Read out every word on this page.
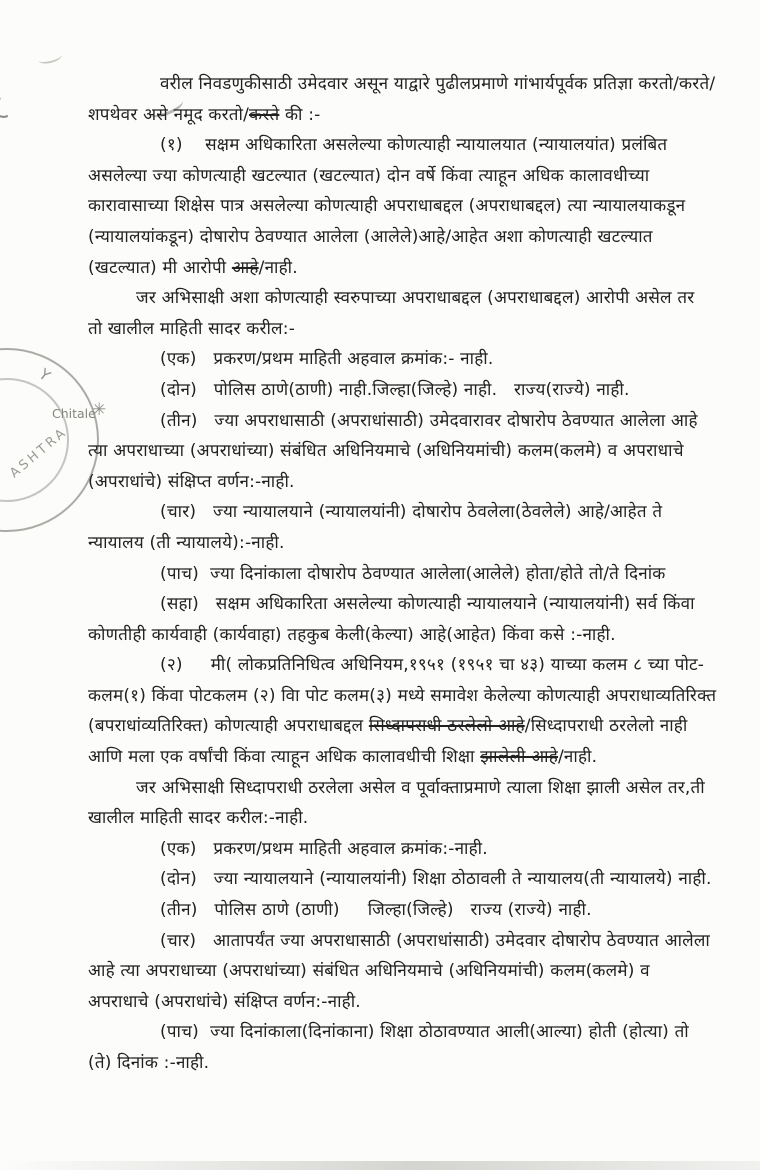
Y
Chitale
✳
ASHTRA
वरील निवडणुकीसाठी उमेदवार असून याद्वारे पुढीलप्रमाणे गांभार्यपूर्वक प्रतिज्ञा करतो/करते/
शपथेवर असे नमूद करतो/करते की :-
(१)    सक्षम अधिकारिता असलेल्या कोणत्याही न्यायालयात (न्यायालयांत) प्रलंबित
असलेल्या ज्या कोणत्याही खटल्यात (खटल्यात) दोन वर्षे किंवा त्याहून अधिक कालावधीच्या
कारावासाच्या शिक्षेस पात्र असलेल्या कोणत्याही अपराधाबद्दल (अपराधाबद्दल) त्या न्यायालयाकडून
(न्यायालयांकडून) दोषारोप ठेवण्यात आलेला (आलेले)आहे/आहेत अशा कोणत्याही खटल्यात
(खटल्यात) मी आरोपी आहे/नाही.
जर अभिसाक्षी अशा कोणत्याही स्वरुपाच्या अपराधाबद्दल (अपराधाबद्दल) आरोपी असेल तर
तो खालील माहिती सादर करील:-
(एक)   प्रकरण/प्रथम माहिती अहवाल क्रमांक:- नाही.
(दोन)   पोलिस ठाणे(ठाणी) नाही.जिल्हा(जिल्हे) नाही.   राज्य(राज्ये) नाही.
(तीन)   ज्या अपराधासाठी (अपराधांसाठी) उमेदवारावर दोषारोप ठेवण्यात आलेला आहे
त्या अपराधाच्या (अपराधांच्या) संबंधित अधिनियमाचे (अधिनियमांची) कलम(कलमे) व अपराधाचे
(अपराधांचे) संक्षिप्त वर्णन:-नाही.
(चार)   ज्या न्यायालयाने (न्यायालयांनी) दोषारोप ठेवलेला(ठेवलेले) आहे/आहेत ते
न्यायालय (ती न्यायालये):-नाही.
(पाच)  ज्या दिनांकाला दोषारोप ठेवण्यात आलेला(आलेले) होता/होते तो/ते दिनांक
(सहा)   सक्षम अधिकारिता असलेल्या कोणत्याही न्यायालयाने (न्यायालयांनी) सर्व किंवा
कोणतीही कार्यवाही (कार्यवाहा) तहकुब केली(केल्या) आहे(आहेत) किंवा कसे :-नाही.
(२)     मी( लोकप्रतिनिधित्व अधिनियम,१९५१ (१९५१ चा ४३) याच्या कलम ८ च्या पोट-
कलम(१) किंवा पोटकलम (२) विा पोट कलम(३) मध्ये समावेश केलेल्या कोणत्याही अपराधाव्यतिरिक्त
(बपराधांव्यतिरिक्त) कोणत्याही अपराधाबद्दल सिध्दापराधी ठरलेलो आहे/सिध्दापराधी ठरलेलो नाही
आणि मला एक वर्षांची किंवा त्याहून अधिक कालावधीची शिक्षा झालेली आहे/नाही.
जर अभिसाक्षी सिध्दापराधी ठरलेला असेल व पूर्वाक्ताप्रमाणे त्याला शिक्षा झाली असेल तर,ती
खालील माहिती सादर करील:-नाही.
(एक)   प्रकरण/प्रथम माहिती अहवाल क्रमांक:-नाही.
(दोन)   ज्या न्यायालयाने (न्यायालयांनी) शिक्षा ठोठावली ते न्यायालय(ती न्यायालये) नाही.
(तीन)   पोलिस ठाणे (ठाणी)     जिल्हा(जिल्हे)   राज्य (राज्ये) नाही.
(चार)   आतापर्यंत ज्या अपराधासाठी (अपराधांसाठी) उमेदवार दोषारोप ठेवण्यात आलेला
आहे त्या अपराधाच्या (अपराधांच्या) संबंधित अधिनियमाचे (अधिनियमांची) कलम(कलमे) व
अपराधाचे (अपराधांचे) संक्षिप्त वर्णन:-नाही.
(पाच)  ज्या दिनांकाला(दिनांकाना) शिक्षा ठोठावण्यात आली(आल्या) होती (होत्या) तो
(ते) दिनांक :-नाही.
